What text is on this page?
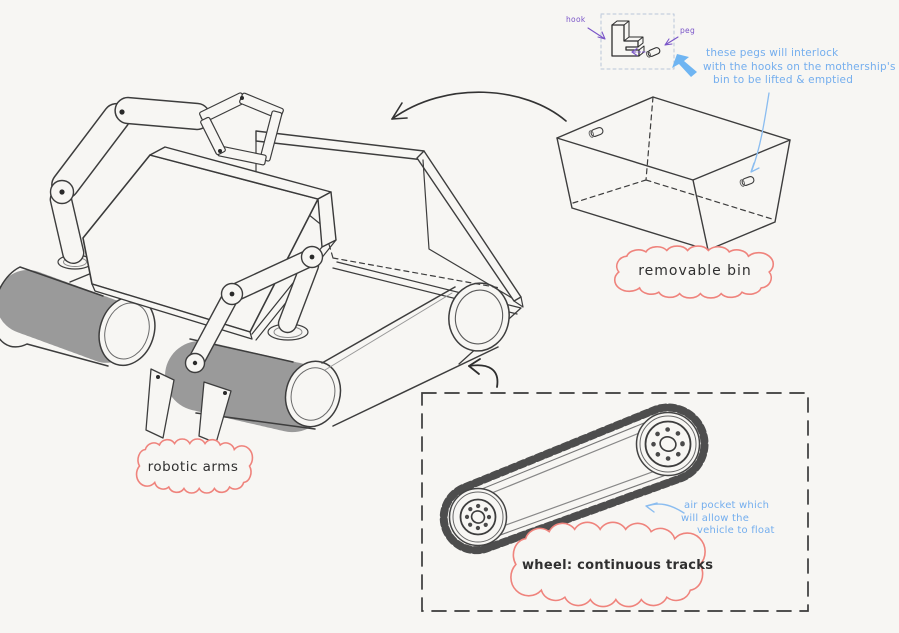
hook
peg
these pegs will interlock
with the hooks on the mothership's
bin to be lifted & emptied
air pocket which
will allow the
vehicle to float
robotic arms
removable bin
wheel: continuous tracks
